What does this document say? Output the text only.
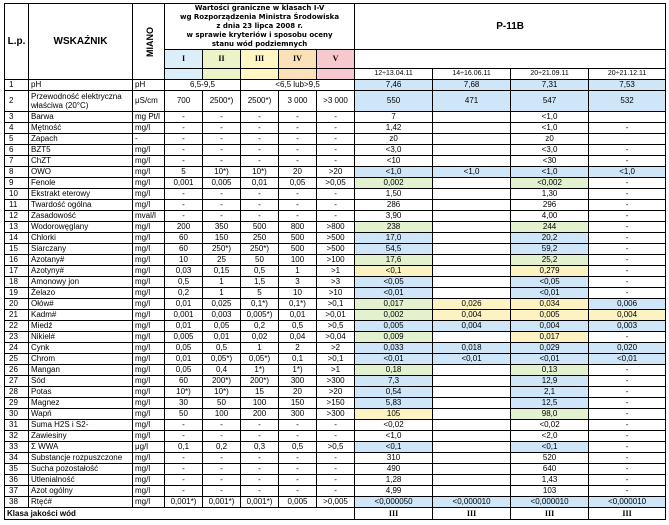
L.p.	WSKAŹNIK	MIANO	Wartości graniczne w klasach I-V
wg Rozporządzenia Ministra Środowiska
z dnia 23 lipca 2008 r.
w sprawie kryteriów i sposobu oceny
stanu wód podziemnych					P-11B			
			I	II	III	IV	V				
								12÷13.04.11	14÷16.06.11	20÷21.09.11	20÷21.12.11
1	pH	pH	6,5-9,5		<6,5 lub>9,5			7,46	7,68	7,31	7,53
2	Przewodność elektryczna właściwa (20°C)	μS/cm	700	2500*)	2500*)	3 000	>3 000	550	471	547	532
3	Barwa	mg Pt/l	-	-	-	-	-	7		<1,0	
4	Mętność	mg/l	-	-	-	-	-	1,42		<1,0	-
5	Zapach	-	-	-	-	-	-	z0		z0	
6	BZT5	mg/l	-	-	-	-	-	<3,0		<3,0	-
7	ChZT	mg/l	-	-	-	-	-	<10		<30	-
8	OWO	mg/l	5	10*)	10*)	20	>20	<1,0	<1,0	<1,0	<1,0
9	Fenole	mg/l	0,001	0,005	0,01	0,05	>0,05	0,002		<0,002	-
10	Ekstrakt eterowy	mg/l	-	-	-	-	-	1,50		1,30	-
11	Twardość ogólna	mg/l	-	-	-	-	-	286		296	-
12	Zasadowość	mval/l	-	-	-	-	-	3,90		4,00	-
13	Wodorowęglany	mg/l	200	350	500	800	>800	238		244	-
14	Chlorki	mg/l	60	150	250	500	>500	17,0		20,2	-
15	Siarczany	mg/l	60	250*)	250*)	500	>500	54,5		59,2	-
16	Azotany#	mg/l	10	25	50	100	>100	17,6		25,2	-
17	Azotyny#	mg/l	0,03	0,15	0,5	1	>1	<0,1		0,279	-
18	Amonowy jon	mg/l	0,5	1	1,5	3	>3	<0,05		<0,05	-
19	Żelazo	mg/l	0,2	1	5	10	>10	<0,01		<0,01	-
20	Ołów#	mg/l	0,01	0,025	0,1*)	0,1*)	>0,1	0,017	0,026	0,034	0,006
21	Kadm#	mg/l	0,001	0,003	0,005*)	0,01	>0,01	0,002	0,004	0,005	0,004
22	Miedź	mg/l	0,01	0,05	0,2	0,5	>0,5	0,005	0,004	0,004	0,003
23	Nikiel#	mg/l	0,005	0,01	0,02	0,04	>0,04	0,009		0,017	-
24	Cynk	mg/l	0,05	0,5	1	2	>2	0,033	0,018	0,029	0,020
25	Chrom	mg/l	0,01	0,05*)	0,05*)	0,1	>0,1	<0,01	<0,01	<0,01	<0,01
26	Mangan	mg/l	0,05	0,4	1*)	1*)	>1	0,18		0,13	-
27	Sód	mg/l	60	200*)	200*)	300	>300	7,3		12,9	-
28	Potas	mg/l	10*)	10*)	15	20	>20	0,54		2,1	-
29	Magnez	mg/l	30	50	100	150	>150	5,83		12,5	-
30	Wapń	mg/l	50	100	200	300	>300	105		98,0	-
31	Suma H2S i S2-	mg/l	-	-	-	-	-	<0,02		<0,02	-
32	Zawiesiny	mg/l	-	-	-	-	-	<1,0		<2,0	-
33	Σ WWA	μg/l	0,1	0,2	0,3	0,5	>0,5	<0,1		<0,1	-
34	Substancje rozpuszczone	mg/l	-	-	-	-	-	310		520	-
35	Sucha pozostałość	mg/l	-	-	-	-	-	490		640	-
36	Utlenialność	mg/l	-	-	-	-	-	1,28		1,43	-
37	Azot ogólny	mg/l	-	-	-	-	-	4,99		103	-
38	Rtęć#	mg/l	0,001*)	0,001*)	0,001*)	0,005	>0,005	<0,000050	<0,000010	<0,000010	<0,000010
Klasa jakości wód								III	III	III	III
